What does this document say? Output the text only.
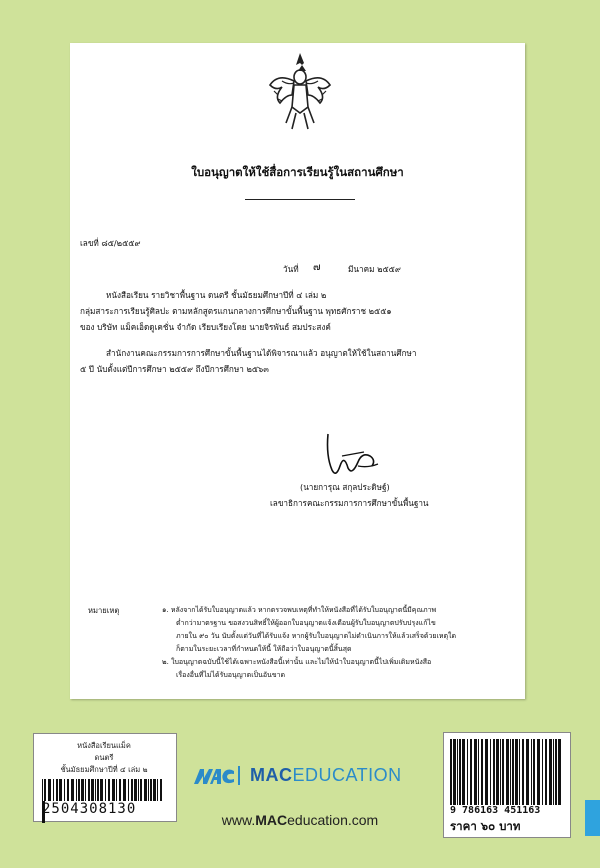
ใบอนุญาตให้ใช้สื่อการเรียนรู้ในสถานศึกษา
เลขที่ ๘๕/๒๕๕๙
วันที่ ๗	มีนาคม ๒๕๕๙
หนังสือเรียน รายวิชาพื้นฐาน ดนตรี ชั้นมัธยมศึกษาปีที่ ๔ เล่ม ๒
กลุ่มสาระการเรียนรู้ศิลปะ ตามหลักสูตรแกนกลางการศึกษาขั้นพื้นฐาน พุทธศักราช ๒๕๕๑
ของ บริษัท แม็คเอ็ดดูเคชั่น จำกัด เรียบเรียงโดย นายจิรพันธ์ สมประสงค์
สำนักงานคณะกรรมการการศึกษาขั้นพื้นฐานได้พิจารณาแล้ว อนุญาตให้ใช้ในสถานศึกษา
๕ ปี นับตั้งแต่ปีการศึกษา ๒๕๕๙ ถึงปีการศึกษา ๒๕๖๓
(นายการุณ สกุลประดิษฐ์)
เลขาธิการคณะกรรมการการศึกษาขั้นพื้นฐาน
หมายเหตุ	๑. หลังจากได้รับใบอนุญาตแล้ว หากตรวจพบเหตุที่ทำให้หนังสือที่ได้รับใบอนุญาตนี้มีคุณภาพ
ต่ำกว่ามาตรฐาน ขอสงวนสิทธิ์ให้ผู้ออกใบอนุญาตแจ้งเตือนผู้รับใบอนุญาตปรับปรุงแก้ไข
ภายใน ๙๐ วัน นับตั้งแต่วันที่ได้รับแจ้ง หากผู้รับใบอนุญาตไม่ดำเนินการให้แล้วเสร็จด้วยเหตุใด
ก็ตามในระยะเวลาที่กำหนดให้นี้ ให้ถือว่าใบอนุญาตนี้สิ้นสุด
๒. ใบอนุญาตฉบับนี้ใช้ได้เฉพาะหนังสือนี้เท่านั้น และไม่ให้นำใบอนุญาตนี้ไปเพิ่มเติมหนังสือ
เรื่องอื่นที่ไม่ได้รับอนุญาตเป็นอันขาด
หนังสือเรียนแม็ค
ดนตรี
ชั้นมัธยมศึกษาปีที่ ๔ เล่ม ๒
2504308130
MACEDUCATION
www.MACeducation.com
9 786163 451163
ราคา ๖๐ บาท
